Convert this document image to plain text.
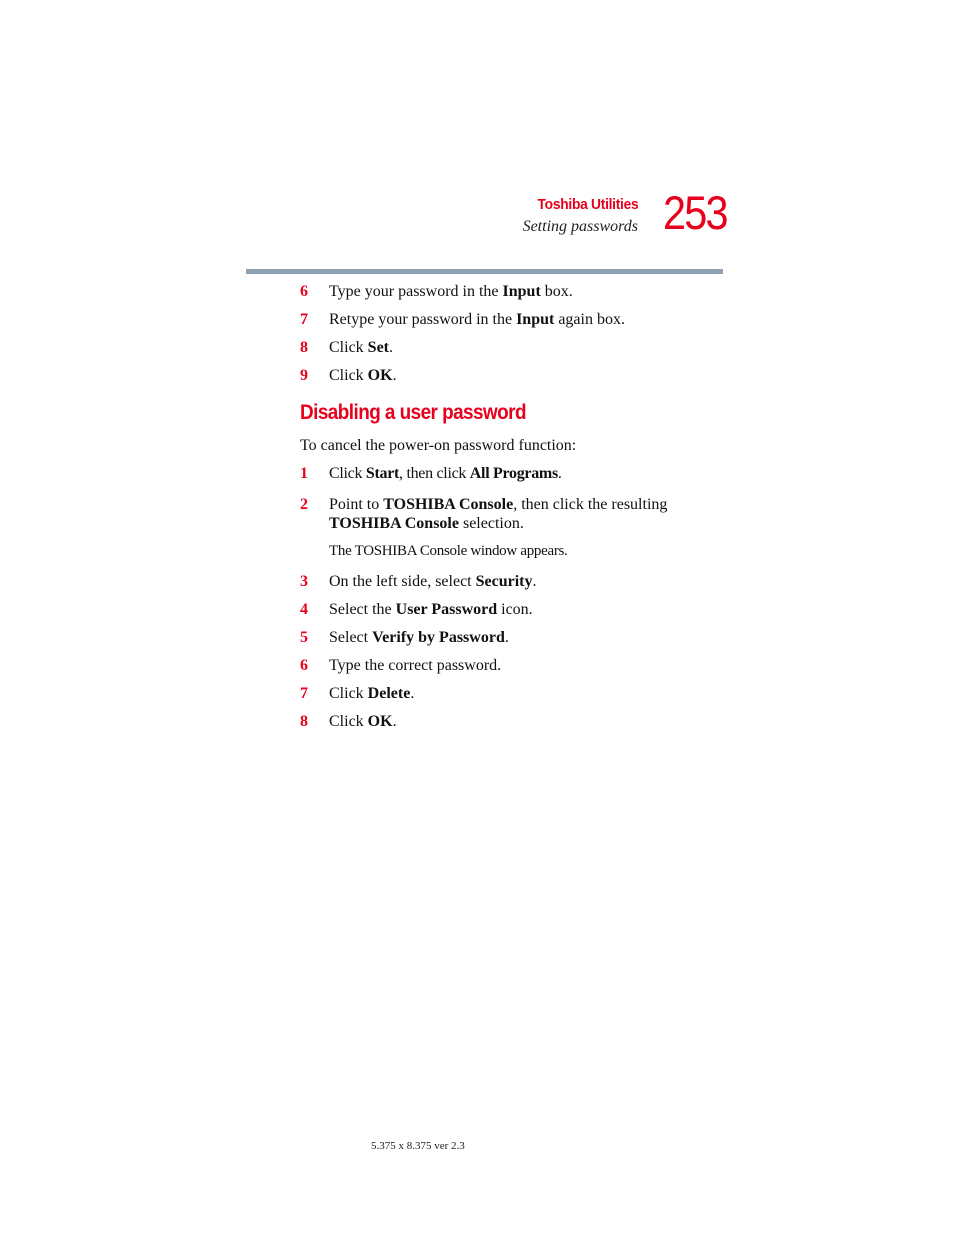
Toshiba Utilities
Setting passwords 253
6	Type your password in the Input box.
7	Retype your password in the Input again box.
8	Click Set.
9	Click OK.
Disabling a user password
To cancel the power-on password function:
1	Click Start, then click All Programs.
2	Point to TOSHIBA Console, then click the resulting TOSHIBA Console selection.
The TOSHIBA Console window appears.
3	On the left side, select Security.
4	Select the User Password icon.
5	Select Verify by Password.
6	Type the correct password.
7	Click Delete.
8	Click OK.
5.375 x 8.375 ver 2.3
